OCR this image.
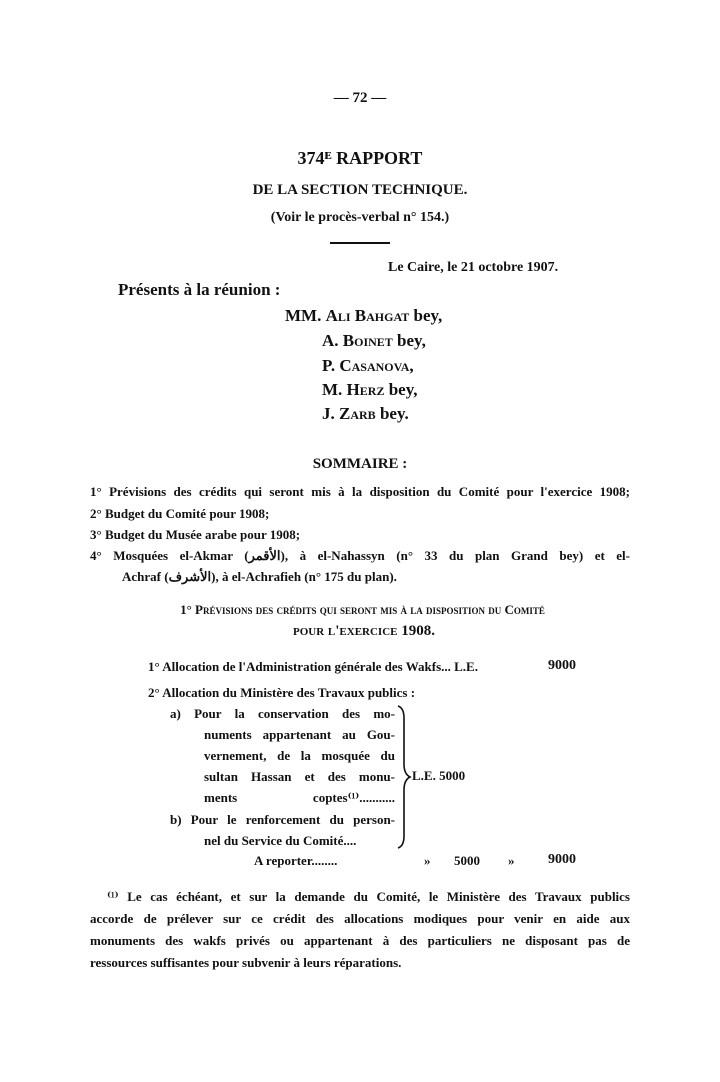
— 72 —
374ᴱ RAPPORT
DE LA SECTION TECHNIQUE.
(Voir le procès-verbal n° 154.)
Le Caire, le 21 octobre 1907.
Présents à la réunion :
MM. Ali Bahgat bey,
A. Boinet bey,
P. Casanova,
M. Herz bey,
J. Zarb bey.
SOMMAIRE :
1° Prévisions des crédits qui seront mis à la disposition du Comité pour l'exercice 1908;
2° Budget du Comité pour 1908;
3° Budget du Musée arabe pour 1908;
4° Mosquées el-Akmar (الأقمر), à el-Nahassyn (n° 33 du plan Grand bey) et el-
Achraf (الأشرف), à el-Achrafieh (n° 175 du plan).
1° Prévisions des crédits qui seront mis à la disposition du Comité
pour l'exercice 1908.
1° Allocation de l'Administration générale des Wakfs... L.E.	9000
2° Allocation du Ministère des Travaux publics :
a) Pour la conservation des mo-
numents appartenant au Gou-
vernement, de la mosquée du
sultan Hassan et des monu-
ments coptes⁽¹⁾...........
b) Pour le renforcement du person-
nel du Service du Comité....
L.E. 5000
A reporter........	» 5000 » 9000
⁽¹⁾ Le cas échéant, et sur la demande du Comité, le Ministère des Travaux publics
accorde de prélever sur ce crédit des allocations modiques pour venir en aide aux
monuments des wakfs privés ou appartenant à des particuliers ne disposant pas de
ressources suffisantes pour subvenir à leurs réparations.
